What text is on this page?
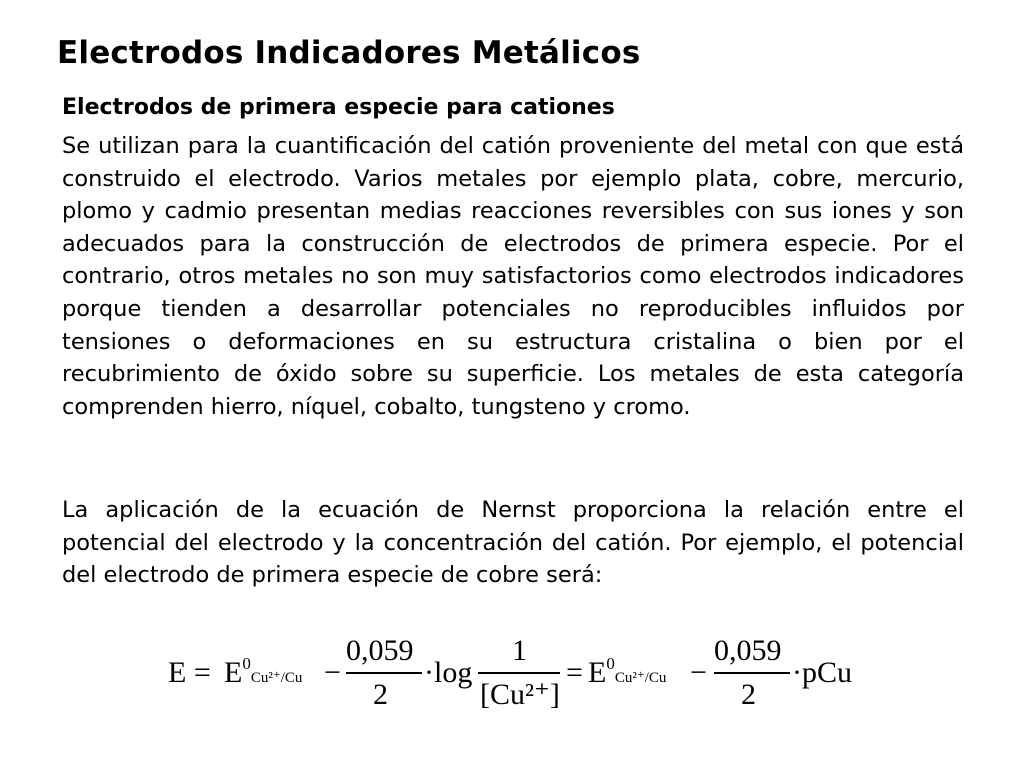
Electrodos Indicadores Metálicos
Electrodos de primera especie para cationes
Se utilizan para la cuantificación del catión proveniente del metal con que está construido el electrodo. Varios metales por ejemplo plata, cobre, mercurio, plomo y cadmio presentan medias reacciones reversibles con sus iones y son adecuados para la construcción de electrodos de primera especie. Por el contrario, otros metales no son muy satisfactorios como electrodos indicadores porque tienden a desarrollar potenciales no reproducibles influidos por tensiones o deformaciones en su estructura cristalina o bien por el recubrimiento de óxido sobre su superficie. Los metales de esta categoría comprenden hierro, níquel, cobalto, tungsteno y cromo.
La aplicación de la ecuación de Nernst proporciona la relación entre el potencial del electrodo y la concentración del catión. Por ejemplo, el potencial del electrodo de primera especie de cobre será:
$E = E^0Cu^{2+}/Cu$ −
0,059
2
·log
1
[Cu²⁺]
= $E^0Cu^{2+}/Cu$ −
0,059
2
·pCu
